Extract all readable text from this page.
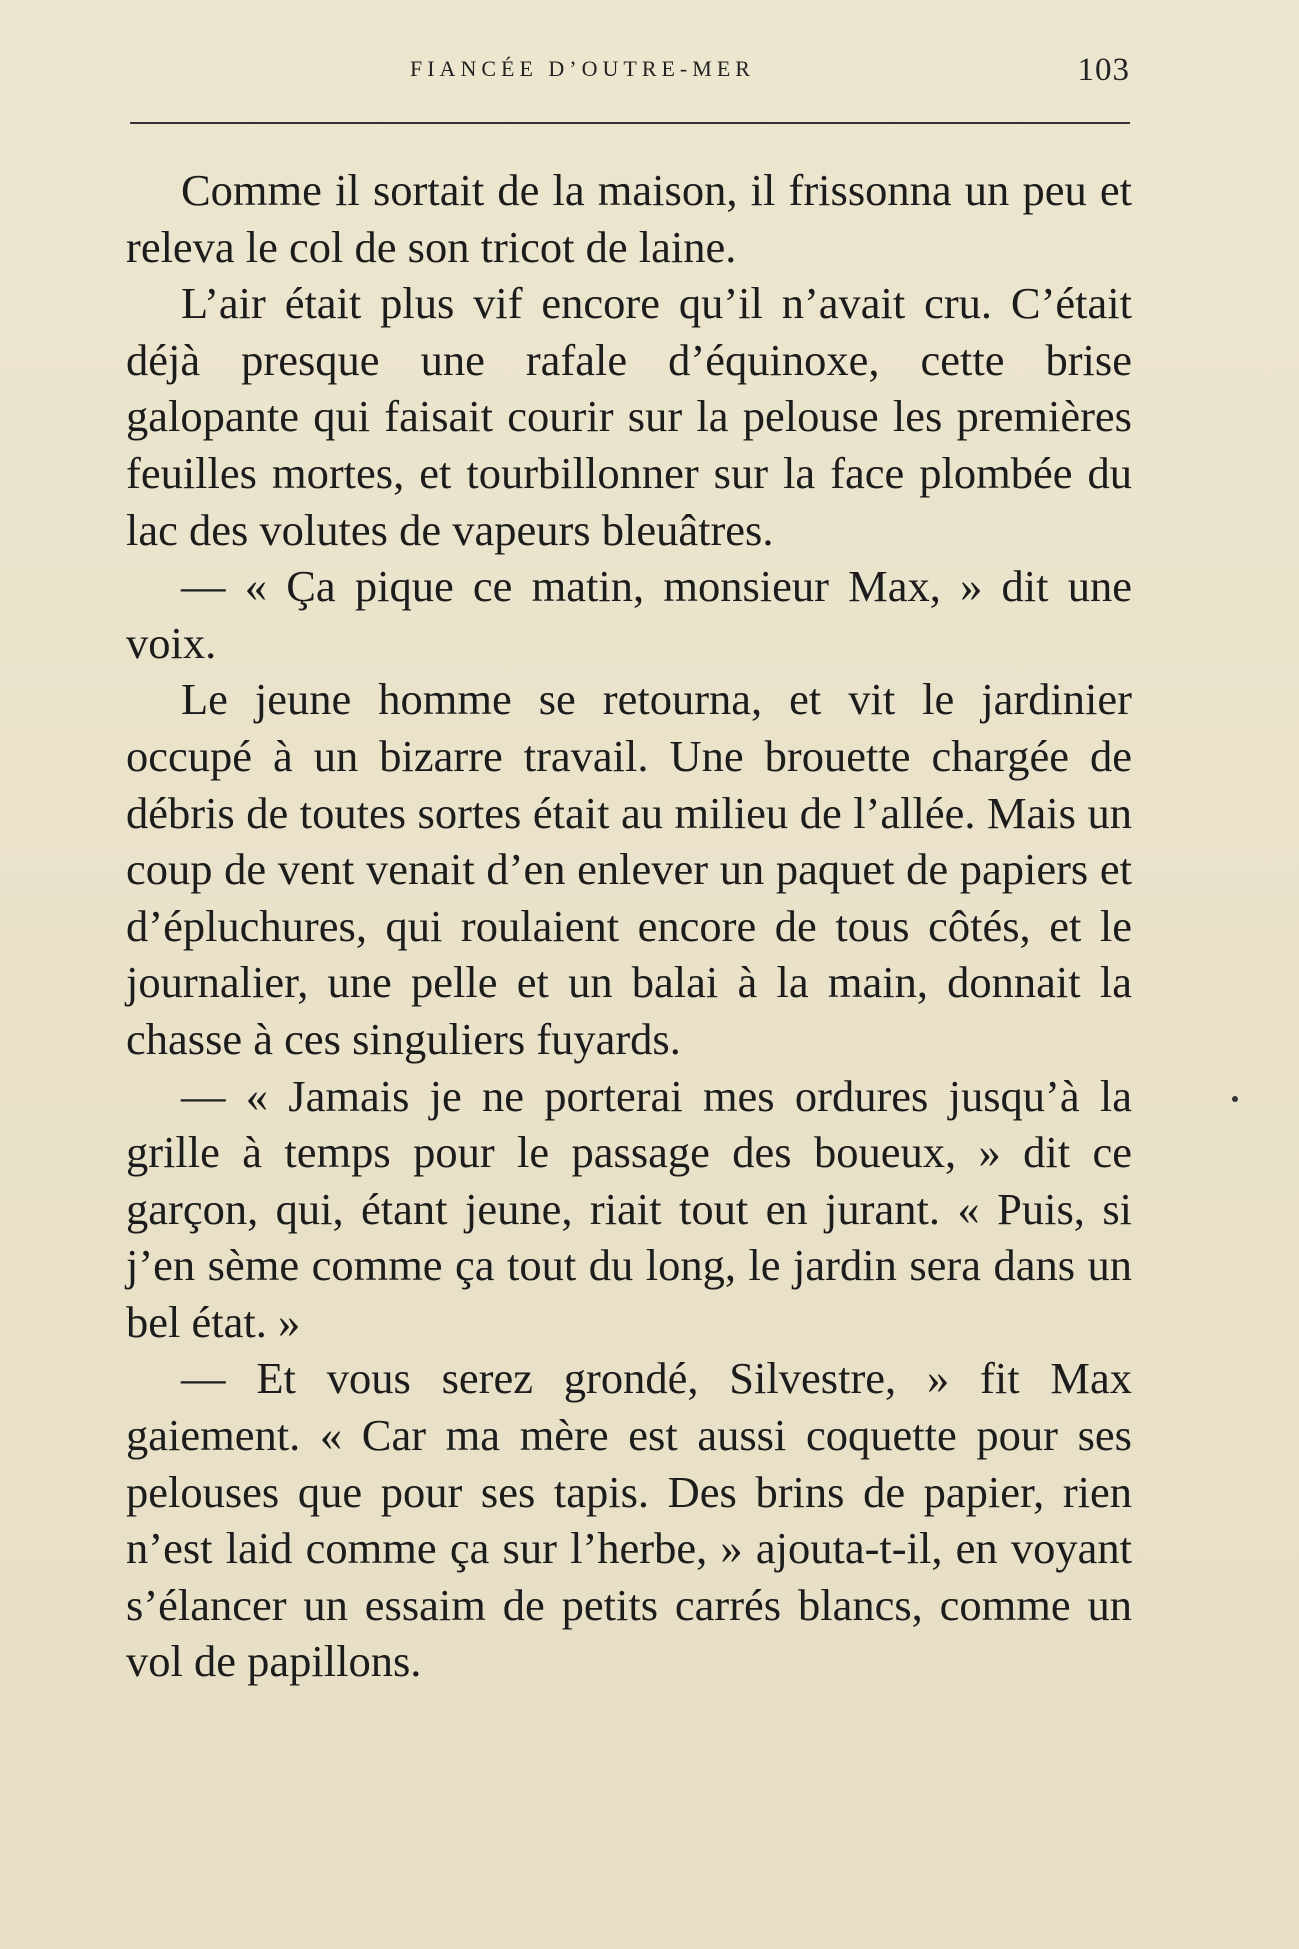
FIANCÉE D’OUTRE-MER	103

Comme il sortait de la maison, il frissonna un peu et releva le col de son tricot de laine.

L’air était plus vif encore qu’il n’avait cru. C’était déjà presque une rafale d’équinoxe, cette brise galopante qui faisait courir sur la pelouse les premières feuilles mortes, et tourbillonner sur la face plombée du lac des volutes de vapeurs bleuâtres.

— « Ça pique ce matin, monsieur Max, » dit une voix.

Le jeune homme se retourna, et vit le jardinier occupé à un bizarre travail. Une brouette chargée de débris de toutes sortes était au milieu de l’allée. Mais un coup de vent venait d’en enlever un paquet de papiers et d’épluchures, qui roulaient encore de tous côtés, et le journalier, une pelle et un balai à la main, donnait la chasse à ces singuliers fuyards.

— « Jamais je ne porterai mes ordures jusqu’à la grille à temps pour le passage des boueux, » dit ce garçon, qui, étant jeune, riait tout en jurant. « Puis, si j’en sème comme ça tout du long, le jardin sera dans un bel état. »

— Et vous serez grondé, Silvestre, » fit Max gaiement. « Car ma mère est aussi coquette pour ses pelouses que pour ses tapis. Des brins de papier, rien n’est laid comme ça sur l’herbe, » ajouta-t-il, en voyant s’élancer un essaim de petits carrés blancs, comme un vol de papillons.
